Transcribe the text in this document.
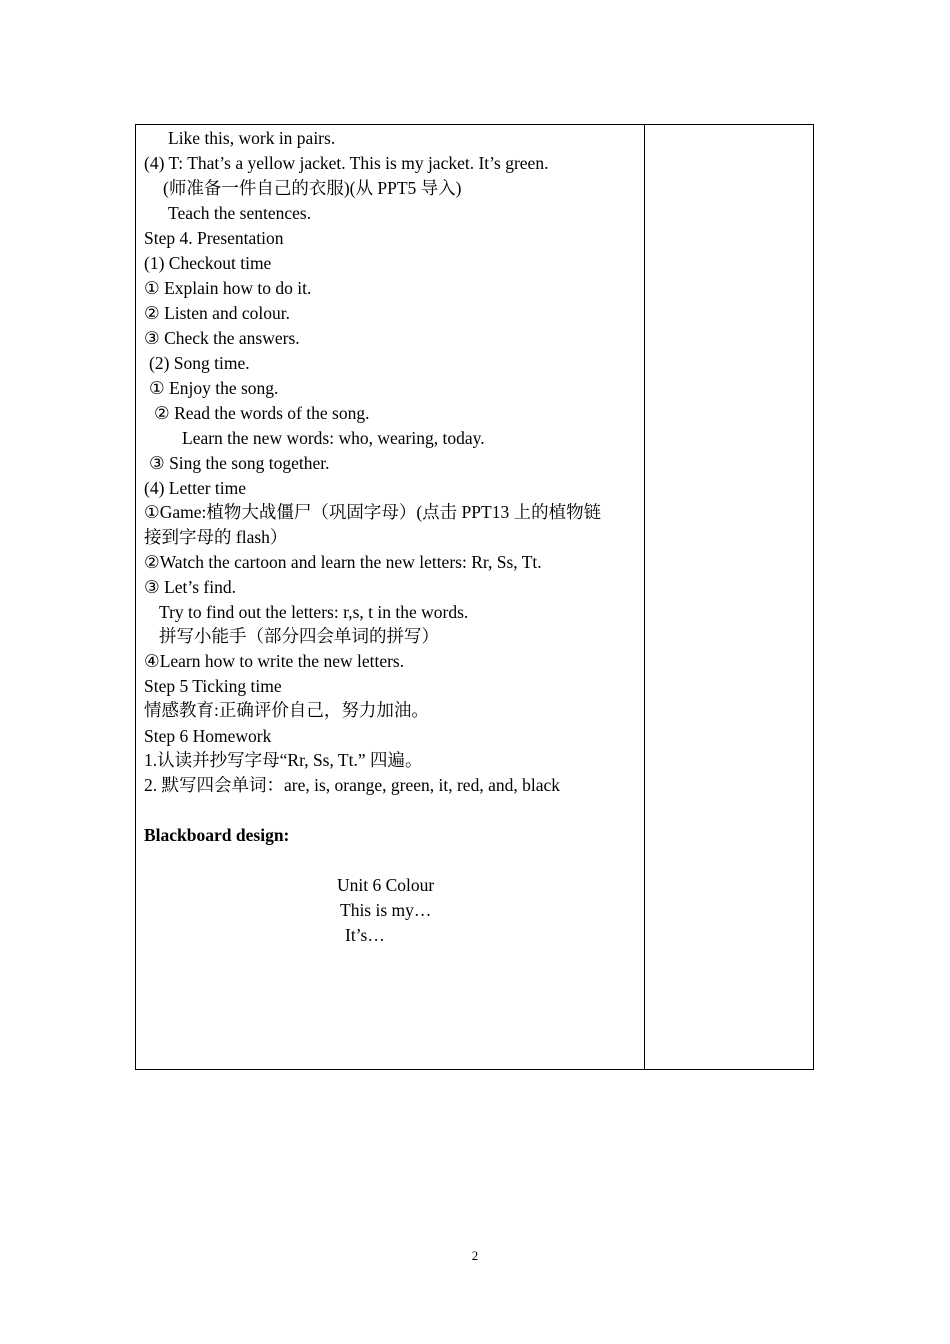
Like this, work in pairs.
(4) T: That’s a yellow jacket. This is my jacket. It’s green.
(师准备一件自己的衣服)(从 PPT5 导入)
Teach the sentences.
Step 4. Presentation
(1) Checkout time
① Explain how to do it.
② Listen and colour.
③ Check the answers.
(2) Song time.
① Enjoy the song.
② Read the words of the song.
Learn the new words: who, wearing, today.
③ Sing the song together.
(4) Letter time
①Game:植物大战僵尸（巩固字母）(点击 PPT13 上的植物链
接到字母的 flash）
②Watch the cartoon and learn the new letters: Rr, Ss, Tt.
③ Let’s find.
Try to find out the letters: r,s, t in the words.
拼写小能手（部分四会单词的拼写）
④Learn how to write the new letters.
Step 5 Ticking time
情感教育:正确评价自己，努力加油。
Step 6 Homework
1.认读并抄写字母“Rr, Ss, Tt.” 四遍。
2. 默写四会单词：are, is, orange, green, it, red, and, black
Blackboard design:
Unit 6 Colour
This is my…
It’s…
2
